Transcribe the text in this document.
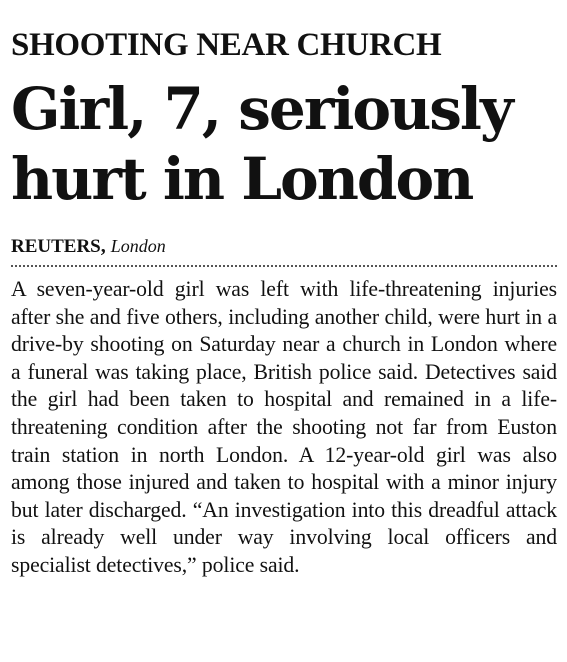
SHOOTING NEAR CHURCH
Girl, 7, seriously
hurt in London
REUTERS, London

A seven-year-old girl was left with life-threatening injuries after she and five others, including another child, were hurt in a drive-by shooting on Saturday near a church in London where a funeral was taking place, British police said. Detectives said the girl had been taken to hospital and remained in a life-threatening condition after the shooting not far from Euston train station in north London. A 12-year-old girl was also among those injured and taken to hospital with a minor injury but later discharged. “An investigation into this dreadful attack is already well under way involving local officers and specialist detectives,” police said.
